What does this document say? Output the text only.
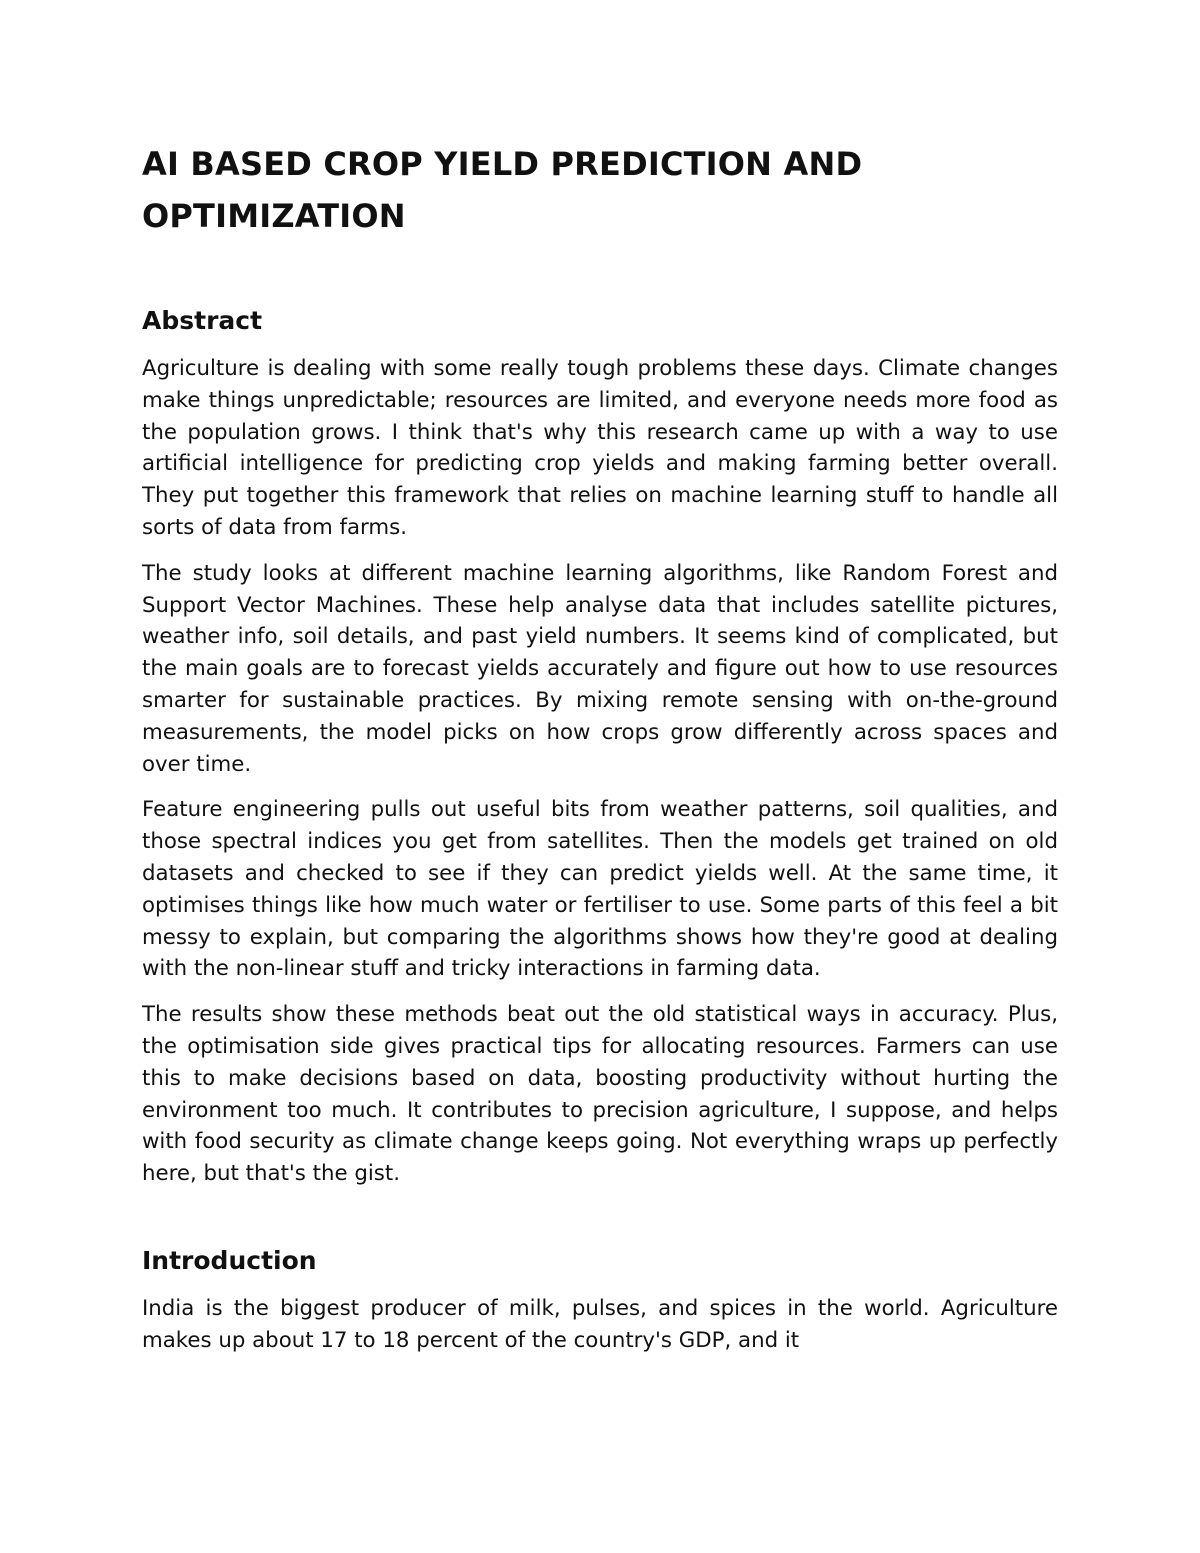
AI BASED CROP YIELD PREDICTION AND OPTIMIZATION
Abstract

Agriculture is dealing with some really tough problems these days. Climate changes make things unpredictable; resources are limited, and everyone needs more food as the population grows. I think that's why this research came up with a way to use artificial intelligence for predicting crop yields and making farming better overall. They put together this framework that relies on machine learning stuff to handle all sorts of data from farms.

The study looks at different machine learning algorithms, like Random Forest and Support Vector Machines. These help analyse data that includes satellite pictures, weather info, soil details, and past yield numbers. It seems kind of complicated, but the main goals are to forecast yields accurately and figure out how to use resources smarter for sustainable practices. By mixing remote sensing with on-the-ground measurements, the model picks on how crops grow differently across spaces and over time.

Feature engineering pulls out useful bits from weather patterns, soil qualities, and those spectral indices you get from satellites. Then the models get trained on old datasets and checked to see if they can predict yields well. At the same time, it optimises things like how much water or fertiliser to use. Some parts of this feel a bit messy to explain, but comparing the algorithms shows how they're good at dealing with the non-linear stuff and tricky interactions in farming data.

The results show these methods beat out the old statistical ways in accuracy. Plus, the optimisation side gives practical tips for allocating resources. Farmers can use this to make decisions based on data, boosting productivity without hurting the environment too much. It contributes to precision agriculture, I suppose, and helps with food security as climate change keeps going. Not everything wraps up perfectly here, but that's the gist.

Introduction

India is the biggest producer of milk, pulses, and spices in the world. Agriculture makes up about 17 to 18 percent of the country's GDP, and it
